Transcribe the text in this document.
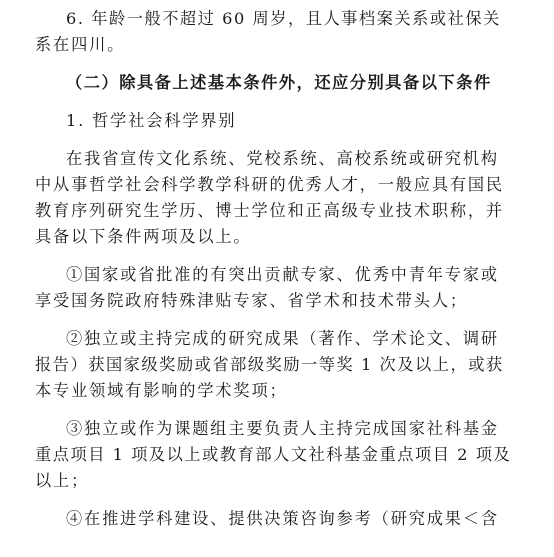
6. 年龄一般不超过 60 周岁，且人事档案关系或社保关
系在四川。
（二）除具备上述基本条件外，还应分别具备以下条件
1. 哲学社会科学界别
在我省宣传文化系统、党校系统、高校系统或研究机构
中从事哲学社会科学教学科研的优秀人才，一般应具有国民
教育序列研究生学历、博士学位和正高级专业技术职称，并
具备以下条件两项及以上。
①国家或省批准的有突出贡献专家、优秀中青年专家或
享受国务院政府特殊津贴专家、省学术和技术带头人；
②独立或主持完成的研究成果（著作、学术论文、调研
报告）获国家级奖励或省部级奖励一等奖 1 次及以上，或获
本专业领域有影响的学术奖项；
③独立或作为课题组主要负责人主持完成国家社科基金
重点项目 1 项及以上或教育部人文社科基金重点项目 2 项及
以上；
④在推进学科建设、提供决策咨询参考（研究成果＜含
